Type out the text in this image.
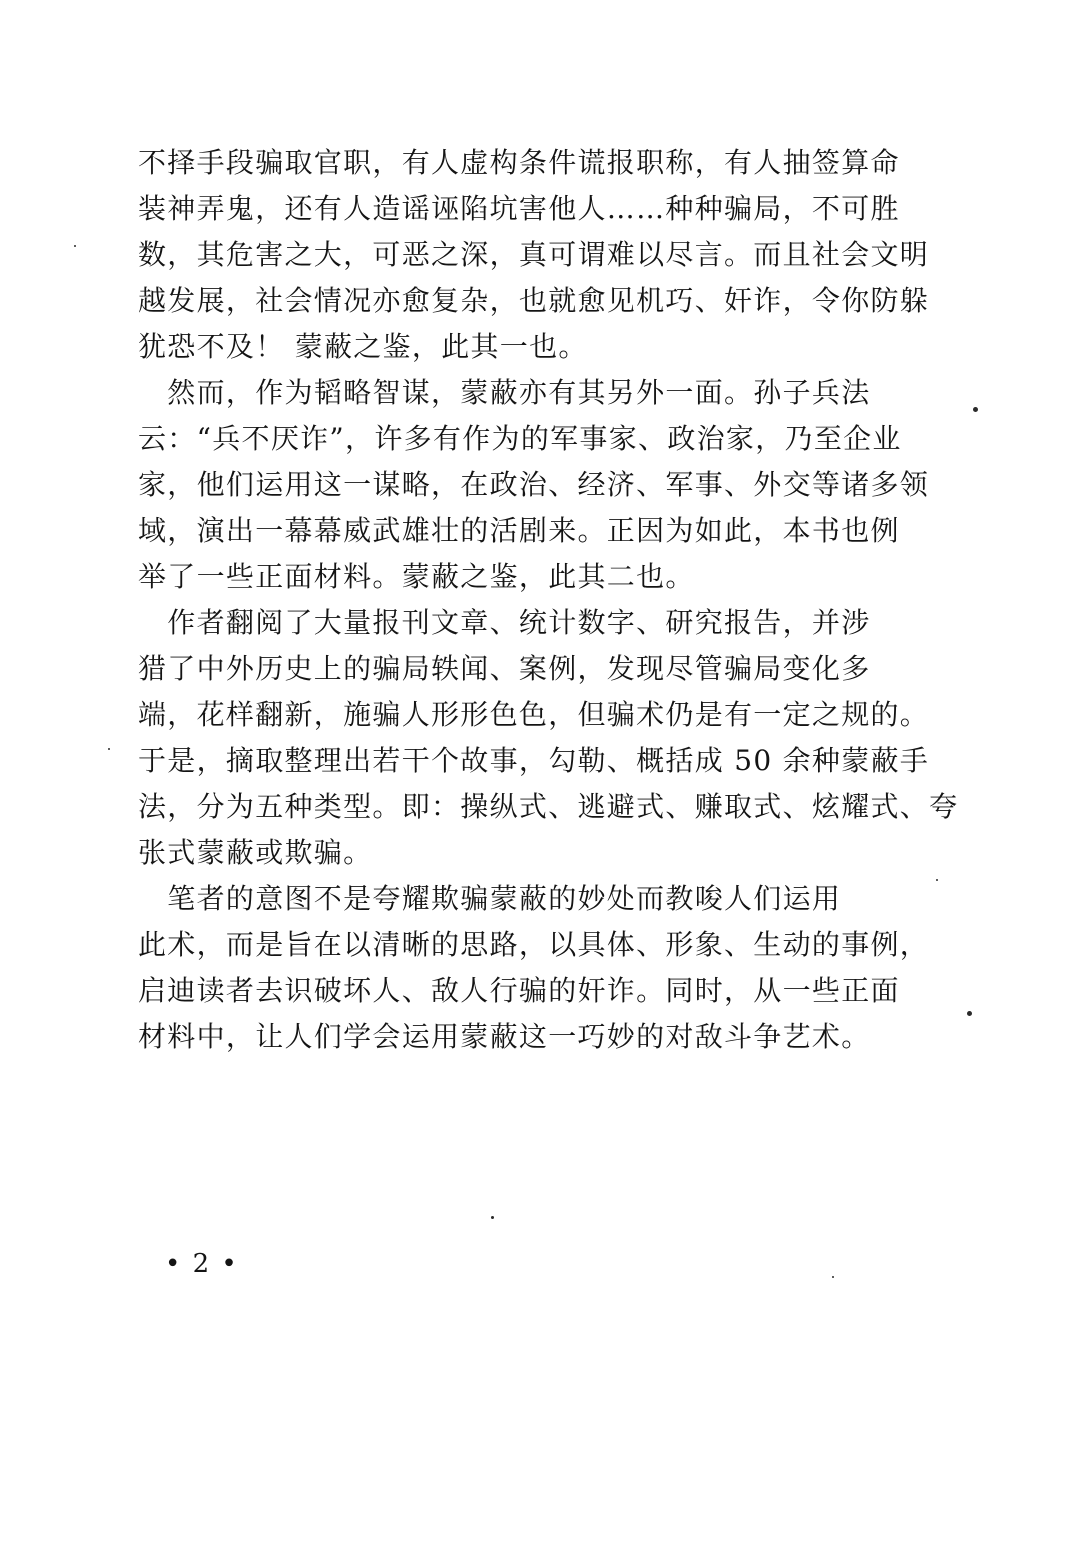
不择手段骗取官职，有人虚构条件谎报职称，有人抽签算命
装神弄鬼，还有人造谣诬陷坑害他人……种种骗局，不可胜
数，其危害之大，可恶之深，真可谓难以尽言。而且社会文明
越发展，社会情况亦愈复杂，也就愈见机巧、奸诈，令你防躲
犹恐不及！ 蒙蔽之鉴，此其一也。
　然而，作为韬略智谋，蒙蔽亦有其另外一面。孙子兵法
云：“兵不厌诈”，许多有作为的军事家、政治家，乃至企业
家，他们运用这一谋略，在政治、经济、军事、外交等诸多领
域，演出一幕幕威武雄壮的活剧来。正因为如此，本书也例
举了一些正面材料。蒙蔽之鉴，此其二也。
　作者翻阅了大量报刊文章、统计数字、研究报告，并涉
猎了中外历史上的骗局轶闻、案例，发现尽管骗局变化多
端，花样翻新，施骗人形形色色，但骗术仍是有一定之规的。
于是，摘取整理出若干个故事，勾勒、概括成 50 余种蒙蔽手
法，分为五种类型。即：操纵式、逃避式、赚取式、炫耀式、夸
张式蒙蔽或欺骗。
　笔者的意图不是夸耀欺骗蒙蔽的妙处而教唆人们运用
此术，而是旨在以清晰的思路，以具体、形象、生动的事例，
启迪读者去识破坏人、敌人行骗的奸诈。同时，从一些正面
材料中，让人们学会运用蒙蔽这一巧妙的对敌斗争艺术。
• 2 •
